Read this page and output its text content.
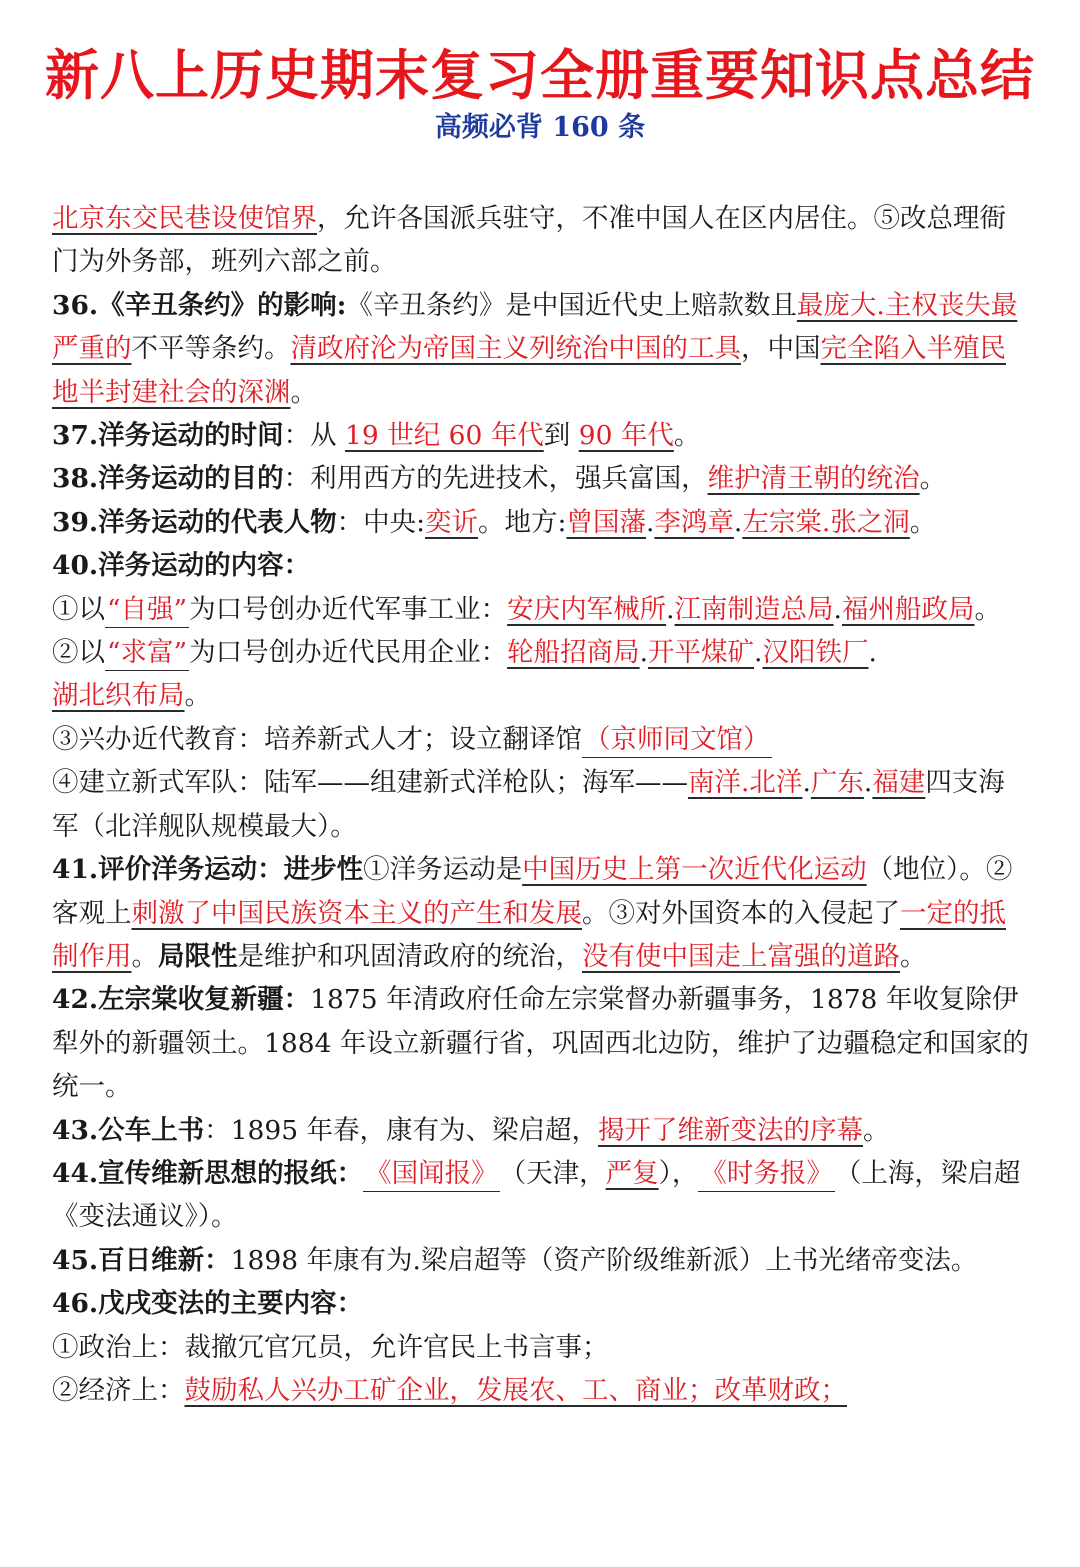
新八上历史期末复习全册重要知识点总结
高频必背 160 条

北京东交民巷设使馆界，允许各国派兵驻守，不准中国人在区内居住。⑤改总理衙门为外务部，班列六部之前。

36.《辛丑条约》的影响:《辛丑条约》是中国近代史上赔款数且最庞大.主权丧失最严重的不平等条约。清政府沦为帝国主义列统治中国的工具，中国完全陷入半殖民地半封建社会的深渊。

37.洋务运动的时间：从 19 世纪 60 年代到 90 年代。

38.洋务运动的目的：利用西方的先进技术，强兵富国，维护清王朝的统治。

39.洋务运动的代表人物：中央:奕䜣。地方:曾国藩.李鸿章.左宗棠.张之洞。

40.洋务运动的内容：

①以“自强”为口号创办近代军事工业：安庆内军械所.江南制造总局.福州船政局。

②以“求富”为口号创办近代民用企业：轮船招商局.开平煤矿.汉阳铁厂.
湖北织布局。

③兴办近代教育：培养新式人才；设立翻译馆（京师同文馆）

④建立新式军队：陆军——组建新式洋枪队；海军——南洋.北洋.广东.福建四支海军（北洋舰队规模最大）。

41.评价洋务运动：进步性①洋务运动是中国历史上第一次近代化运动（地位）。②客观上刺激了中国民族资本主义的产生和发展。③对外国资本的入侵起了一定的抵制作用。局限性是维护和巩固清政府的统治，没有使中国走上富强的道路。

42.左宗棠收复新疆：1875 年清政府任命左宗棠督办新疆事务，1878 年收复除伊犁外的新疆领土。1884 年设立新疆行省，巩固西北边防，维护了边疆稳定和国家的统一。

43.公车上书：1895 年春，康有为、梁启超，揭开了维新变法的序幕。

44.宣传维新思想的报纸：《国闻报》（天津，严复），《时务报》（上海，梁启超《变法通议》）。

45.百日维新：1898 年康有为.梁启超等（资产阶级维新派）上书光绪帝变法。

46.戊戌变法的主要内容：

①政治上：裁撤冗官冗员，允许官民上书言事；

②经济上：鼓励私人兴办工矿企业，发展农、工、商业；改革财政；
